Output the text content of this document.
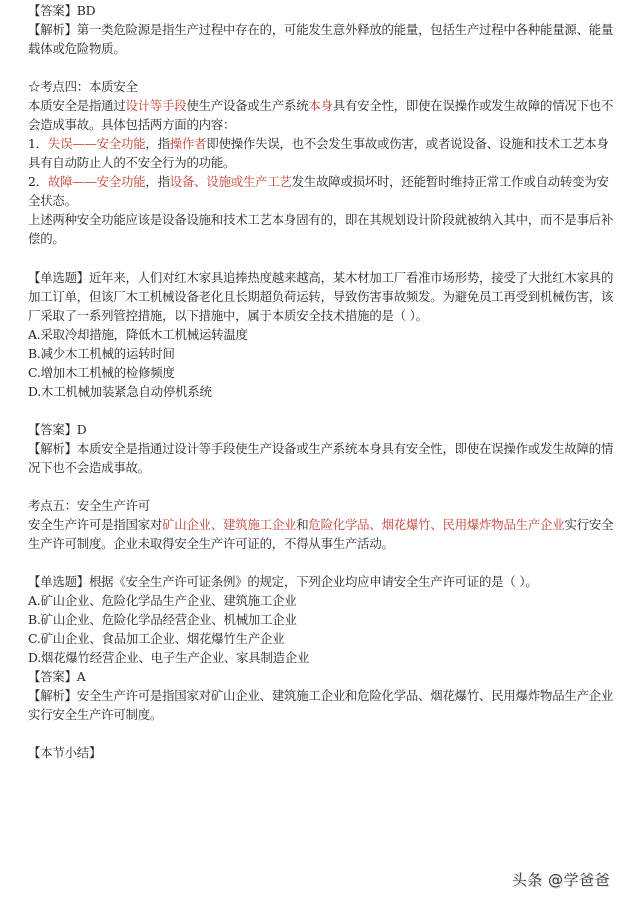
【答案】BD
【解析】第一类危险源是指生产过程中存在的，可能发生意外释放的能量，包括生产过程中各种能量源、能量载体或危险物质。
☆考点四：本质安全
本质安全是指通过设计等手段使生产设备或生产系统本身具有安全性，即使在误操作或发生故障的情况下也不会造成事故。具体包括两方面的内容：
1．失误——安全功能，指操作者即使操作失误，也不会发生事故或伤害，或者说设备、设施和技术工艺本身具有自动防止人的不安全行为的功能。
2．故障——安全功能，指设备、设施或生产工艺发生故障或损坏时，还能暂时维持正常工作或自动转变为安全状态。
上述两种安全功能应该是设备设施和技术工艺本身固有的，即在其规划设计阶段就被纳入其中，而不是事后补偿的。
【单选题】近年来，人们对红木家具追捧热度越来越高，某木材加工厂看准市场形势，接受了大批红木家具的加工订单，但该厂木工机械设备老化且长期超负荷运转，导致伤害事故频发。为避免员工再受到机械伤害，该厂采取了一系列管控措施，以下措施中，属于本质安全技术措施的是（ ）。
A.采取冷却措施，降低木工机械运转温度
B.减少木工机械的运转时间
C.增加木工机械的检修频度
D.木工机械加装紧急自动停机系统
【答案】D
【解析】本质安全是指通过设计等手段使生产设备或生产系统本身具有安全性，即使在误操作或发生故障的情况下也不会造成事故。
考点五：安全生产许可
安全生产许可是指国家对矿山企业、建筑施工企业和危险化学品、烟花爆竹、民用爆炸物品生产企业实行安全生产许可制度。企业未取得安全生产许可证的，不得从事生产活动。
【单选题】根据《安全生产许可证条例》的规定，下列企业均应申请安全生产许可证的是（ ）。
A.矿山企业、危险化学品生产企业、建筑施工企业
B.矿山企业、危险化学品经营企业、机械加工企业
C.矿山企业、食品加工企业、烟花爆竹生产企业
D.烟花爆竹经营企业、电子生产企业、家具制造企业
【答案】A
【解析】安全生产许可是指国家对矿山企业、建筑施工企业和危险化学品、烟花爆竹、民用爆炸物品生产企业实行安全生产许可制度。
【本节小结】
头条 @学爸爸
